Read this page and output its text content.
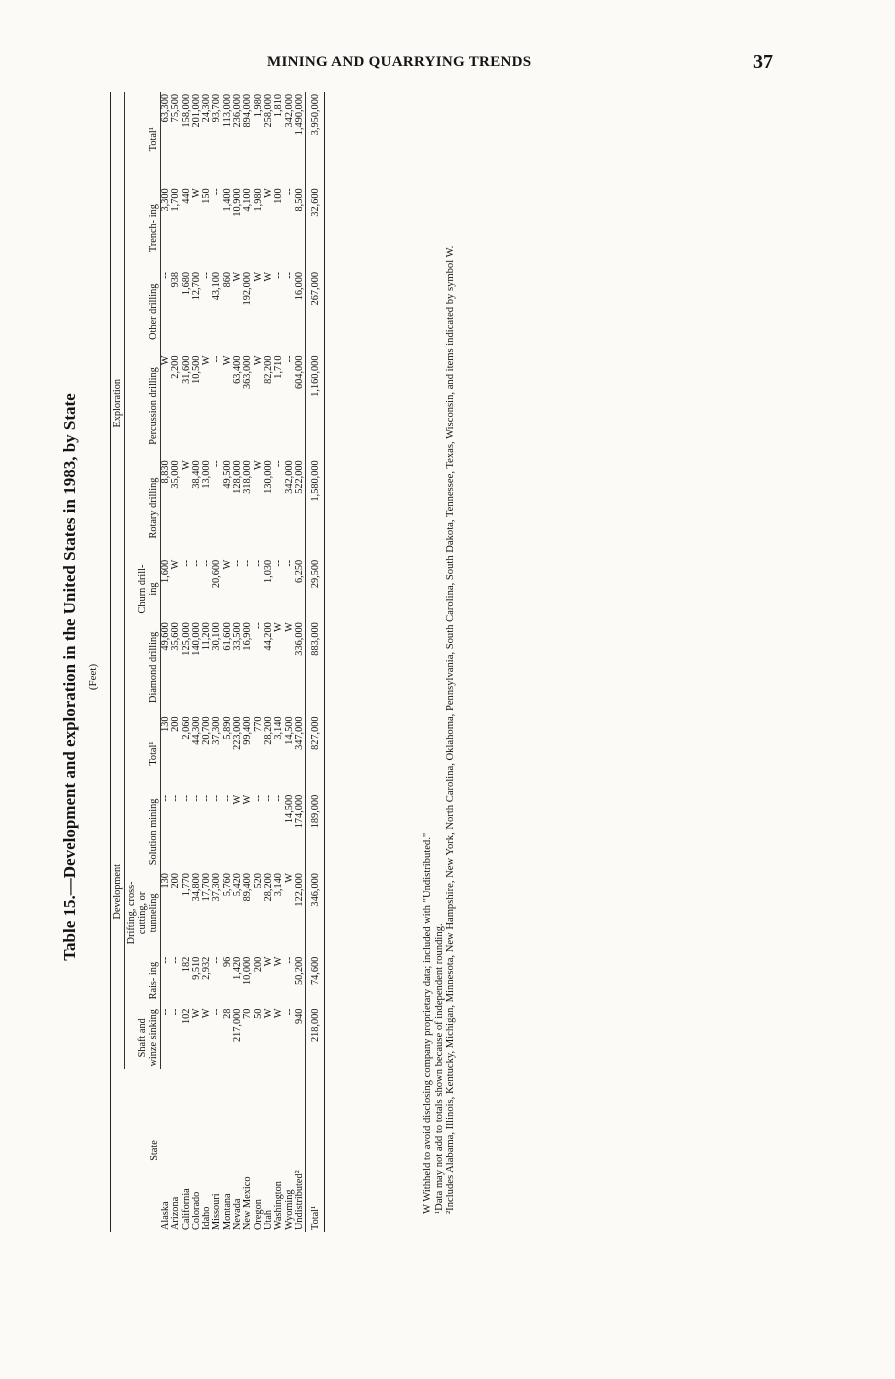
MINING AND QUARRYING TRENDS	37
Table 15.—Development and exploration in the United States in 1983, by State (Feet)
State	Development					Exploration						
	Shaft and winze sinking	Rais- ing	Drifting, cross- cutting, or tunneling	Solution mining	Total¹	Diamond drilling	Churn drill- ing	Rotary drilling	Percussion drilling	Other drilling	Trench- ing	Total¹
Alaska	--	--	130	--	130	49,600	1,600	8,830	W	--	3,300	63,300
Arizona	--	--	200	--	200	35,600	W	35,000	2,200	938	1,700	75,500
California	102	182	1,770	--	2,060	125,000	--	W	31,600	1,680	440	158,000
Colorado	W	9,510	34,800	--	44,300	140,000	--	38,400	10,500	12,700	W	201,000
Idaho	W	2,932	17,700	--	20,700	11,200	--	13,000	W	--	150	24,300
Missouri	--	--	37,300	--	37,300	30,100	20,600	--	--	43,100	--	93,700
Montana	28	96	5,760	--	5,890	61,600	W	49,500	W	860	1,400	113,000
Nevada	217,000	1,420	5,420	W	223,000	33,500	--	128,000	63,400	W	10,900	236,000
New Mexico	70	10,000	89,400	W	99,400	16,900	--	318,000	363,000	192,000	4,100	894,000
Oregon	50	200	520	--	770	--	--	W	W	W	1,980	1,980
Utah	W	W	28,200	--	28,200	44,200	1,030	130,000	82,200	W	W	258,000
Washington	W	W	3,140	--	3,140	W	--	--	1,710	--	100	1,810
Wyoming	--	--	W	14,500	14,500	W	--	342,000	--	--	--	342,000
Undistributed²	940	50,200	122,000	174,000	347,000	336,000	6,250	522,000	604,000	16,000	8,500	1,490,000
Total¹	218,000	74,600	346,000	189,000	827,000	883,000	29,500	1,580,000	1,160,000	267,000	32,600	3,950,000
W Withheld to avoid disclosing company proprietary data; included with "Undistributed." ¹Data may not add to totals shown because of independent rounding. ²Includes Alabama, Illinois, Kentucky, Michigan, Minnesota, New Hampshire, New York, North Carolina, Oklahoma, Pennsylvania, South Carolina, South Dakota, Tennessee, Texas, Wisconsin, and items indicated by symbol W.
